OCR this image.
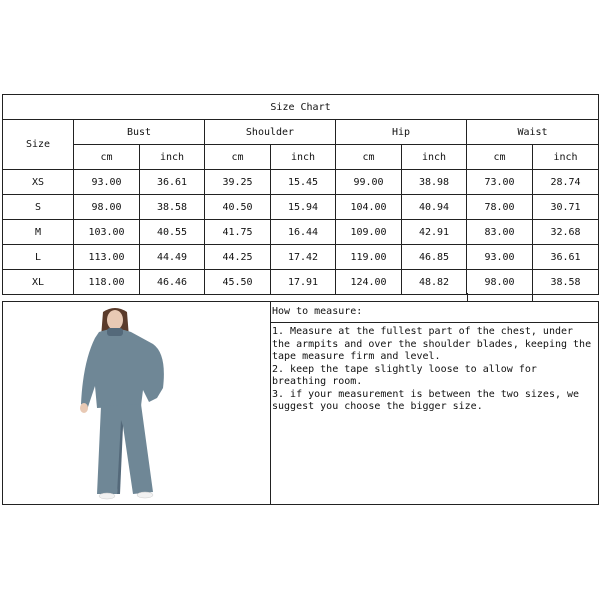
Size Chart								
Size	Bust		Shoulder		Hip		Waist	
	cm	inch	cm	inch	cm	inch	cm	inch
XS	93.00	36.61	39.25	15.45	99.00	38.98	73.00	28.74
S	98.00	38.58	40.50	15.94	104.00	40.94	78.00	30.71
M	103.00	40.55	41.75	16.44	109.00	42.91	83.00	32.68
L	113.00	44.49	44.25	17.42	119.00	46.85	93.00	36.61
XL	118.00	46.46	45.50	17.91	124.00	48.82	98.00	38.58
How to measure:

1. Measure at the fullest part of the chest, under the armpits and over the shoulder blades, keeping the tape measure firm and level.

2. keep the tape slightly loose to allow for breathing room.

3. if your measurement is between the two sizes, we suggest you choose the bigger size.
